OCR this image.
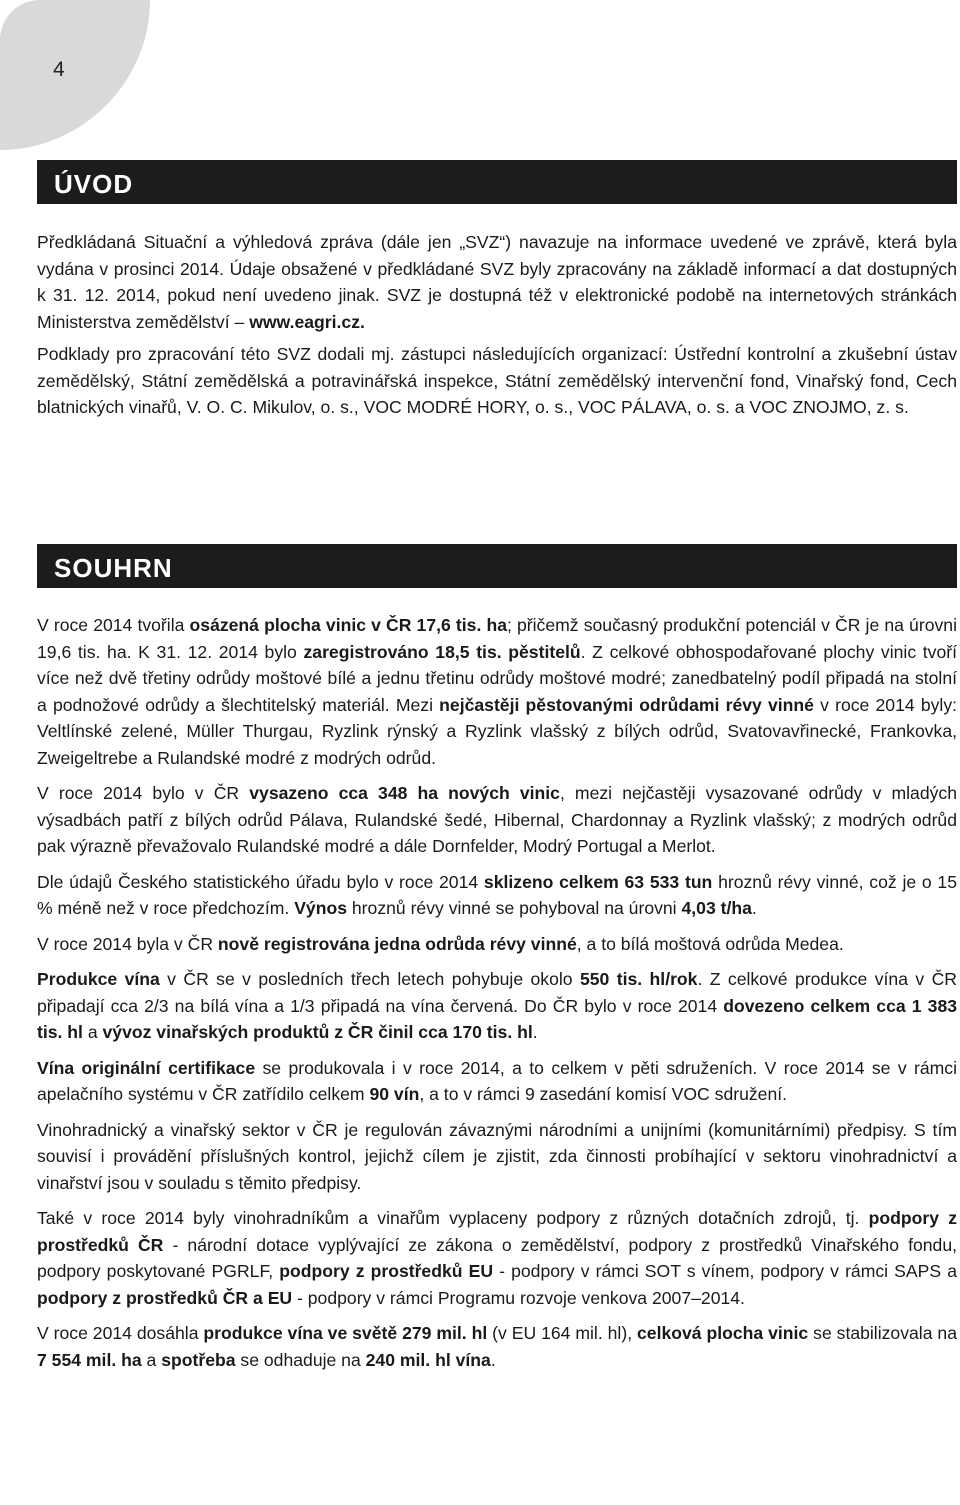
4
ÚVOD

Předkládaná Situační a výhledová zpráva (dále jen „SVZ“) navazuje na informace uvedené ve zprávě, která byla vydána v prosinci 2014. Údaje obsažené v předkládané SVZ byly zpracovány na základě informací a dat dostupných k 31. 12. 2014, pokud není uvedeno jinak. SVZ je dostupná též v elektronické podobě na internetových stránkách Ministerstva zemědělství – www.eagri.cz.

Podklady pro zpracování této SVZ dodali mj. zástupci následujících organizací: Ústřední kontrolní a zkušební ústav zemědělský, Státní zemědělská a potravinářská inspekce, Státní zemědělský intervenční fond, Vinařský fond, Cech blatnických vinařů, V. O. C. Mikulov, o. s., VOC MODRÉ HORY, o. s., VOC PÁLAVA, o. s. a VOC ZNOJMO, z. s.

SOUHRN

V roce 2014 tvořila osázená plocha vinic v ČR 17,6 tis. ha; přičemž současný produkční potenciál v ČR je na úrovni 19,6 tis. ha. K 31. 12. 2014 bylo zaregistrováno 18,5 tis. pěstitelů. Z celkové obhospodařované plochy vinic tvoří více než dvě třetiny odrůdy moštové bílé a jednu třetinu odrůdy moštové modré; zanedbatelný podíl připadá na stolní a podnožové odrůdy a šlechtitelský materiál. Mezi nejčastěji pěstovanými odrůdami révy vinné v roce 2014 byly: Veltlínské zelené, Müller Thurgau, Ryzlink rýnský a Ryzlink vlašský z bílých odrůd, Svatovavřinecké, Frankovka, Zweigeltrebe a Rulandské modré z modrých odrůd.

V roce 2014 bylo v ČR vysazeno cca 348 ha nových vinic, mezi nejčastěji vysazované odrůdy v mladých výsadbách patří z bílých odrůd Pálava, Rulandské šedé, Hibernal, Chardonnay a Ryzlink vlašský; z modrých odrůd pak výrazně převažovalo Rulandské modré a dále Dornfelder, Modrý Portugal a Merlot.

Dle údajů Českého statistického úřadu bylo v roce 2014 sklizeno celkem 63 533 tun hroznů révy vinné, což je o 15 % méně než v roce předchozím. Výnos hroznů révy vinné se pohyboval na úrovni 4,03 t/ha.

V roce 2014 byla v ČR nově registrována jedna odrůda révy vinné, a to bílá moštová odrůda Medea.

Produkce vína v ČR se v posledních třech letech pohybuje okolo 550 tis. hl/rok. Z celkové produkce vína v ČR připadají cca 2/3 na bílá vína a 1/3 připadá na vína červená. Do ČR bylo v roce 2014 dovezeno celkem cca 1 383 tis. hl a vývoz vinařských produktů z ČR činil cca 170 tis. hl.

Vína originální certifikace se produkovala i v roce 2014, a to celkem v pěti sdruženích. V roce 2014 se v rámci apelačního systému v ČR zatřídilo celkem 90 vín, a to v rámci 9 zasedání komisí VOC sdružení.

Vinohradnický a vinařský sektor v ČR je regulován závaznými národními a unijními (komunitárními) předpisy. S tím souvisí i provádění příslušných kontrol, jejichž cílem je zjistit, zda činnosti probíhající v sektoru vinohradnictví a vinařství jsou v souladu s těmito předpisy.

Také v roce 2014 byly vinohradníkům a vinařům vyplaceny podpory z různých dotačních zdrojů, tj. podpory z prostředků ČR - národní dotace vyplývající ze zákona o zemědělství, podpory z prostředků Vinařského fondu, podpory poskytované PGRLF, podpory z prostředků EU - podpory v rámci SOT s vínem, podpory v rámci SAPS a podpory z prostředků ČR a EU - podpory v rámci Programu rozvoje venkova 2007–2014.

V roce 2014 dosáhla produkce vína ve světě 279 mil. hl (v EU 164 mil. hl), celková plocha vinic se stabilizovala na 7 554 mil. ha a spotřeba se odhaduje na 240 mil. hl vína.
